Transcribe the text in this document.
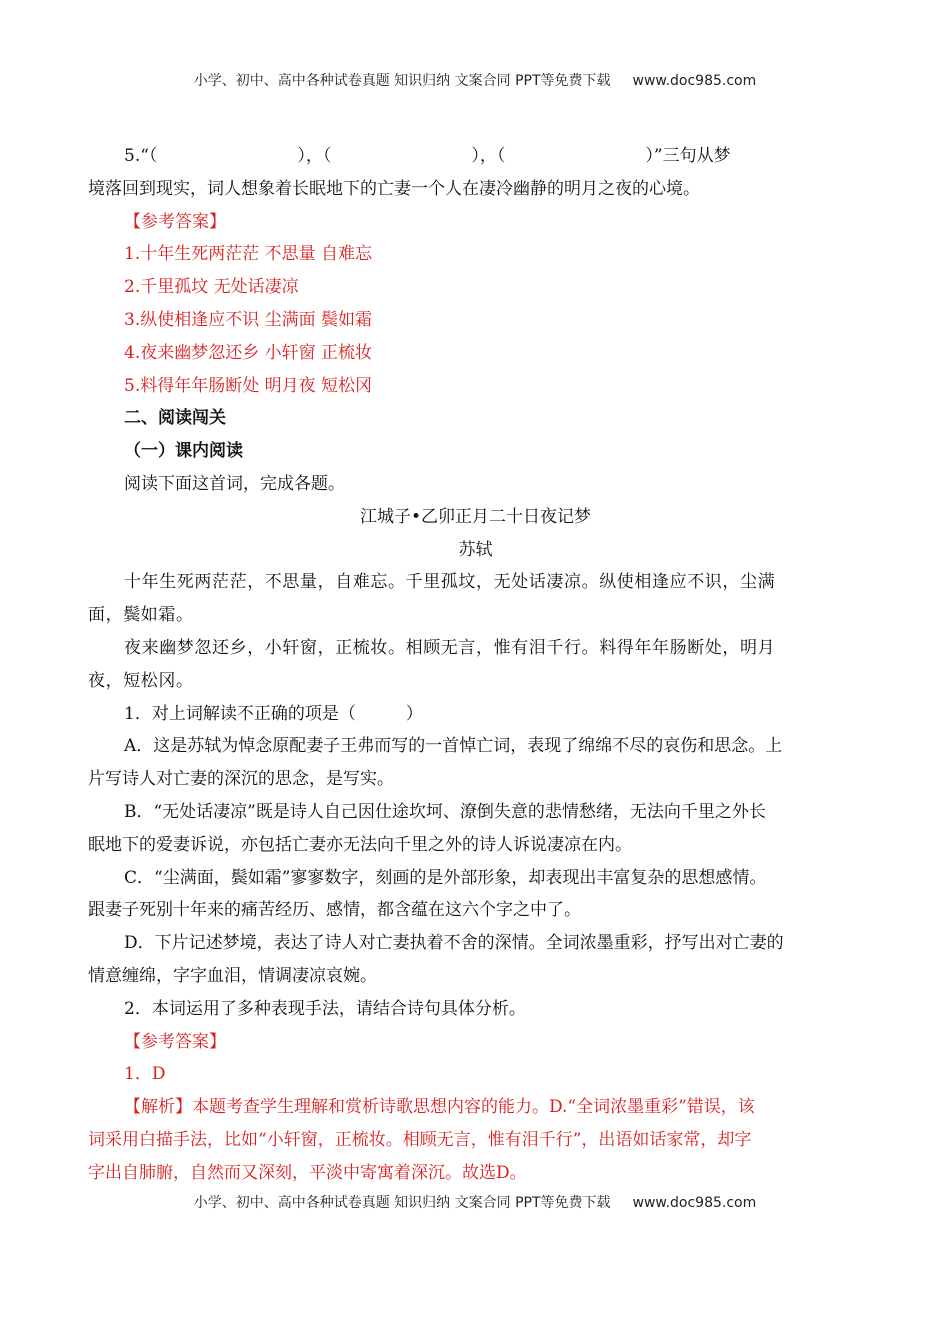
小学、初中、高中各种试卷真题 知识归纳 文案合同 PPT等免费下载 www.doc985.com
5.“（	），（	），（	）”三句从梦
境落回到现实，词人想象着长眠地下的亡妻一个人在凄冷幽静的明月之夜的心境。
【参考答案】
1.十年生死两茫茫 不思量 自难忘
2.千里孤坟 无处话凄凉
3.纵使相逢应不识 尘满面 鬓如霜
4.夜来幽梦忽还乡 小轩窗 正梳妆
5.料得年年肠断处 明月夜 短松冈
二、阅读闯关
（一）课内阅读
阅读下面这首词，完成各题。
江城子•乙卯正月二十日夜记梦
苏轼
十年生死两茫茫，不思量，自难忘。千里孤坟，无处话凄凉。纵使相逢应不识，尘满
面，鬓如霜。
夜来幽梦忽还乡，小轩窗，正梳妆。相顾无言，惟有泪千行。料得年年肠断处，明月
夜，短松冈。
1．对上词解读不正确的项是（	）
A．这是苏轼为悼念原配妻子王弗而写的一首悼亡词，表现了绵绵不尽的哀伤和思念。上
片写诗人对亡妻的深沉的思念，是写实。
B．“无处话凄凉”既是诗人自己因仕途坎坷、潦倒失意的悲情愁绪，无法向千里之外长
眠地下的爱妻诉说，亦包括亡妻亦无法向千里之外的诗人诉说凄凉在内。
C．“尘满面，鬓如霜”寥寥数字，刻画的是外部形象，却表现出丰富复杂的思想感情。
跟妻子死别十年来的痛苦经历、感情，都含蕴在这六个字之中了。
D．下片记述梦境，表达了诗人对亡妻执着不舍的深情。全词浓墨重彩，抒写出对亡妻的
情意缠绵，字字血泪，情调凄凉哀婉。
2．本词运用了多种表现手法，请结合诗句具体分析。
【参考答案】
1．D
【解析】本题考查学生理解和赏析诗歌思想内容的能力。D.“全词浓墨重彩”错误，该
词采用白描手法，比如“小轩窗，正梳妆。相顾无言，惟有泪千行”，出语如话家常，却字
字出自肺腑，自然而又深刻，平淡中寄寓着深沉。故选D。
小学、初中、高中各种试卷真题 知识归纳 文案合同 PPT等免费下载 www.doc985.com
